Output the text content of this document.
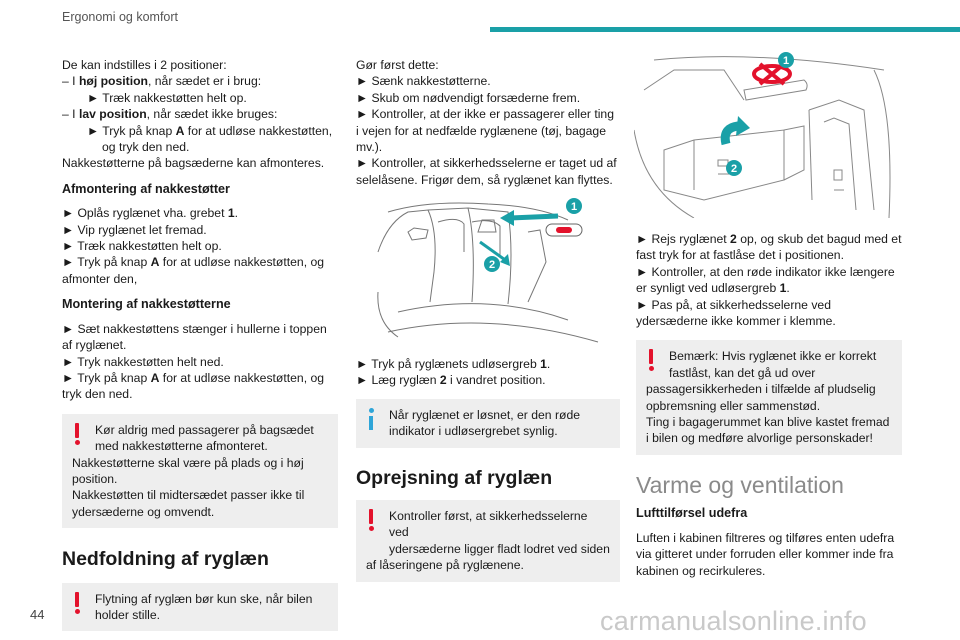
Ergonomi og komfort

De kan indstilles i 2 positioner:

– I høj position, når sædet er i brug:

► Træk nakkestøtten helt op.

– I lav position, når sædet ikke bruges:

► Tryk på knap A for at udløse nakkestøtten,

og tryk den ned.

Nakkestøtterne på bagsæderne kan afmonteres.

Afmontering af nakkestøtter

► Oplås ryglænet vha. grebet 1.

► Vip ryglænet let fremad.

► Træk nakkestøtten helt op.

► Tryk på knap A for at udløse nakkestøtten, og afmonter den,

Montering af nakkestøtterne

► Sæt nakkestøttens stænger i hullerne i toppen af ryglænet.

► Tryk nakkestøtten helt ned.

► Tryk på knap A for at udløse nakkestøtten, og tryk den ned.

Kør aldrig med passagerer på bagsædet

med nakkestøtterne afmonteret.

Nakkestøtterne skal være på plads og i høj position.

Nakkestøtten til midtersædet passer ikke til ydersæderne og omvendt.

Nedfoldning af ryglæn

Flytning af ryglæn bør kun ske, når bilen

holder stille.

Gør først dette:

► Sænk nakkestøtterne.

► Skub om nødvendigt forsæderne frem.

► Kontroller, at der ikke er passagerer eller ting i vejen for at nedfælde ryglænene (tøj, bagage mv.).

► Kontroller, at sikkerhedsselerne er taget ud af selelåsene. Frigør dem, så ryglænet kan flyttes.

1
2

► Tryk på ryglænets udløsergreb 1.

► Læg ryglæn 2 i vandret position.

Når ryglænet er løsnet, er den røde

indikator i udløsergrebet synlig.

Oprejsning af ryglæn

Kontroller først, at sikkerhedsselerne ved

ydersæderne ligger fladt lodret ved siden

af låseringene på ryglænene.

1
2

► Rejs ryglænet 2 op, og skub det bagud med et fast tryk for at fastlåse det i positionen.

► Kontroller, at den røde indikator ikke længere er synligt ved udløsergreb 1.

► Pas på, at sikkerhedsselerne ved ydersæderne ikke kommer i klemme.

Bemærk: Hvis ryglænet ikke er korrekt

fastlåst, kan det gå ud over

passagersikkerheden i tilfælde af pludselig opbremsning eller sammenstød.

Ting i bagagerummet kan blive kastet fremad i bilen og medføre alvorlige personskader!

Varme og ventilation

Lufttilførsel udefra

Luften i kabinen filtreres og tilføres enten udefra via gitteret under forruden eller kommer inde fra kabinen og recirkuleres.

44	carmanualsonline.info
